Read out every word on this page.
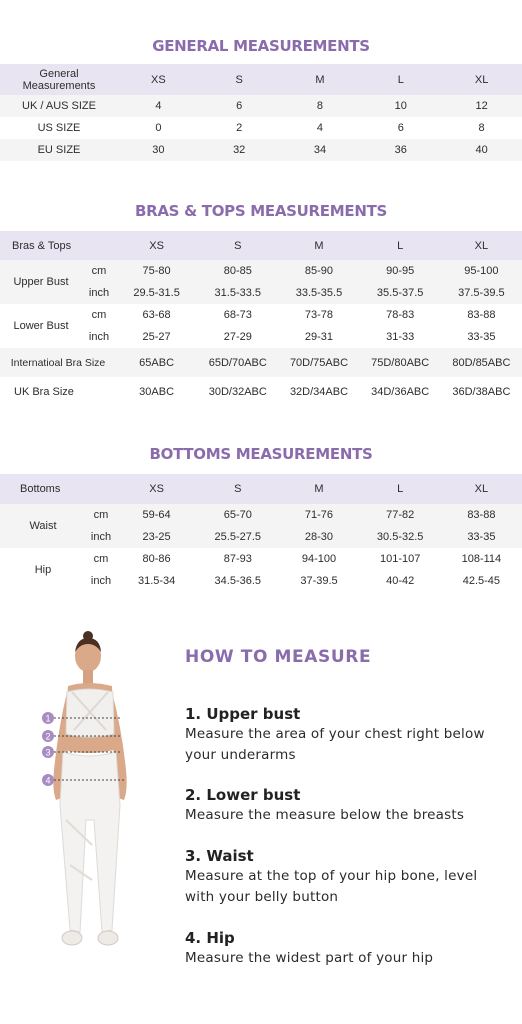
GENERAL MEASUREMENTS
General
Measurements	XS	S	M	L	XL
UK / AUS SIZE	4	6	8	10	12
US SIZE	0	2	4	6	8
EU SIZE	30	32	34	36	40
BRAS & TOPS MEASUREMENTS
Bras & Tops		XS	S	M	L	XL
Upper Bust	cm	75-80	80-85	85-90	90-95	95-100
	inch	29.5-31.5	31.5-33.5	33.5-35.5	35.5-37.5	37.5-39.5
Lower Bust	cm	63-68	68-73	73-78	78-83	83-88
	inch	25-27	27-29	29-31	31-33	33-35
Internatioal Bra Size		65ABC	65D/70ABC	70D/75ABC	75D/80ABC	80D/85ABC
UK Bra Size		30ABC	30D/32ABC	32D/34ABC	34D/36ABC	36D/38ABC
BOTTOMS MEASUREMENTS
Bottoms		XS	S	M	L	XL
Waist	cm	59-64	65-70	71-76	77-82	83-88
	inch	23-25	25.5-27.5	28-30	30.5-32.5	33-35
Hip	cm	80-86	87-93	94-100	101-107	108-114
	inch	31.5-34	34.5-36.5	37-39.5	40-42	42.5-45
1
2
3
4
HOW TO MEASURE
1. Upper bust

Measure the area of your chest right below your underarms

2. Lower bust

Measure the measure below the breasts

3. Waist

Measure at the top of your hip bone, level with your belly button

4. Hip

Measure the widest part of your hip
